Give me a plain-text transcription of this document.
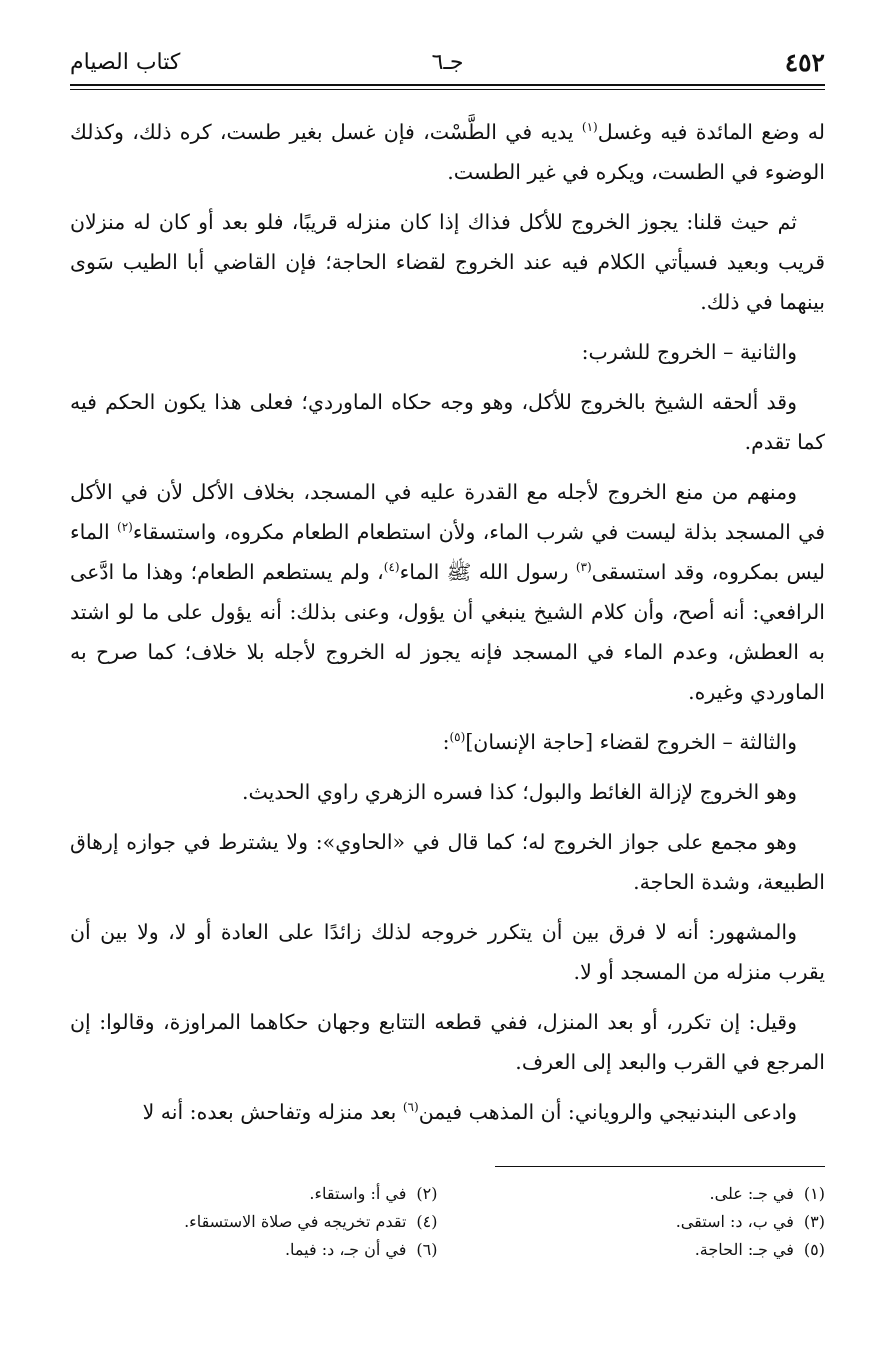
٤٥٢
جـ٦
كتاب الصيام

له وضع المائدة فيه وغسل$^{(١)}$ يديه في الطَّسْت، فإن غسل بغير طست، كره ذلك، وكذلك الوضوء في الطست، ويكره في غير الطست.

ثم حيث قلنا: يجوز الخروج للأكل فذاك إذا كان منزله قريبًا، فلو بعد أو كان له منزلان قريب وبعيد فسيأتي الكلام فيه عند الخروج لقضاء الحاجة؛ فإن القاضي أبا الطيب سَوى بينهما في ذلك.

والثانية – الخروج للشرب:

وقد ألحقه الشيخ بالخروج للأكل، وهو وجه حكاه الماوردي؛ فعلى هذا يكون الحكم فيه كما تقدم.

ومنهم من منع الخروج لأجله مع القدرة عليه في المسجد، بخلاف الأكل لأن في الأكل في المسجد بذلة ليست في شرب الماء، ولأن استطعام الطعام مكروه، واستسقاء$^{(٢)}$ الماء ليس بمكروه، وقد استسقى$^{(٣)}$ رسول الله ﷺ الماء$^{(٤)}$، ولم يستطعم الطعام؛ وهذا ما ادَّعى الرافعي: أنه أصح، وأن كلام الشيخ ينبغي أن يؤول، وعنى بذلك: أنه يؤول على ما لو اشتد به العطش، وعدم الماء في المسجد فإنه يجوز له الخروج لأجله بلا خلاف؛ كما صرح به الماوردي وغيره.

والثالثة – الخروج لقضاء [حاجة الإنسان]$^{(٥)}$:

وهو الخروج لإزالة الغائط والبول؛ كذا فسره الزهري راوي الحديث.

وهو مجمع على جواز الخروج له؛ كما قال في «الحاوي»: ولا يشترط في جوازه إرهاق الطبيعة، وشدة الحاجة.

والمشهور: أنه لا فرق بين أن يتكرر خروجه لذلك زائدًا على العادة أو لا، ولا بين أن يقرب منزله من المسجد أو لا.

وقيل: إن تكرر، أو بعد المنزل، ففي قطعه التتابع وجهان حكاهما المراوزة، وقالوا: إن المرجع في القرب والبعد إلى العرف.

وادعى البندنيجي والروياني: أن المذهب فيمن$^{(٦)}$ بعد منزله وتفاحش بعده: أنه لا

(١)في جـ: على.
(٢)في أ: واستقاء.
(٣)في ب، د: استقى.
(٤)تقدم تخريجه في صلاة الاستسقاء.
(٥)في جـ: الحاجة.
(٦)في أن جـ، د: فيما.
